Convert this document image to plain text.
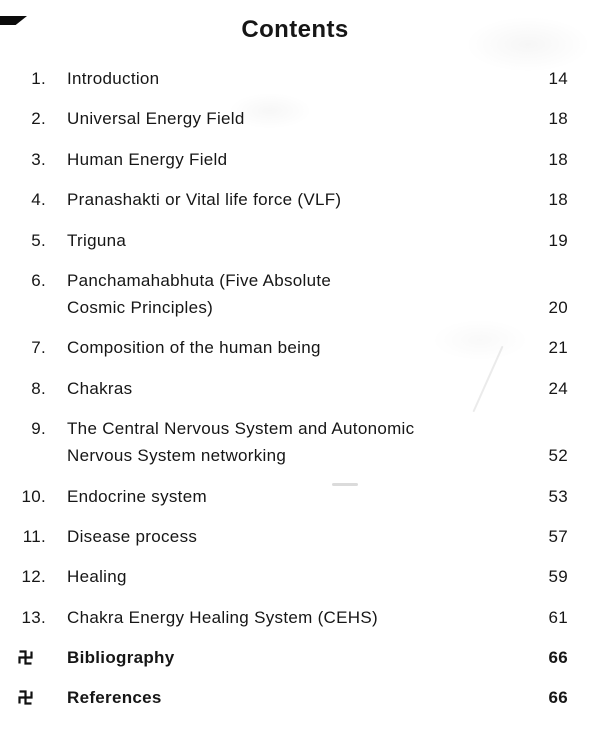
Contents
1. Introduction	14
2. Universal Energy Field	18
3. Human Energy Field	18
4. Pranashakti or Vital life force (VLF)	18
5. Triguna	19
6. Panchamahabhuta (Five Absolute
Cosmic Principles)	20
7. Composition of the human being	21
8. Chakras	24
9. The Central Nervous System and Autonomic
Nervous System networking	52
10. Endocrine system	53
11. Disease process	57
12. Healing	59
13. Chakra Energy Healing System (CEHS)	61
Bibliography	66
References	66
